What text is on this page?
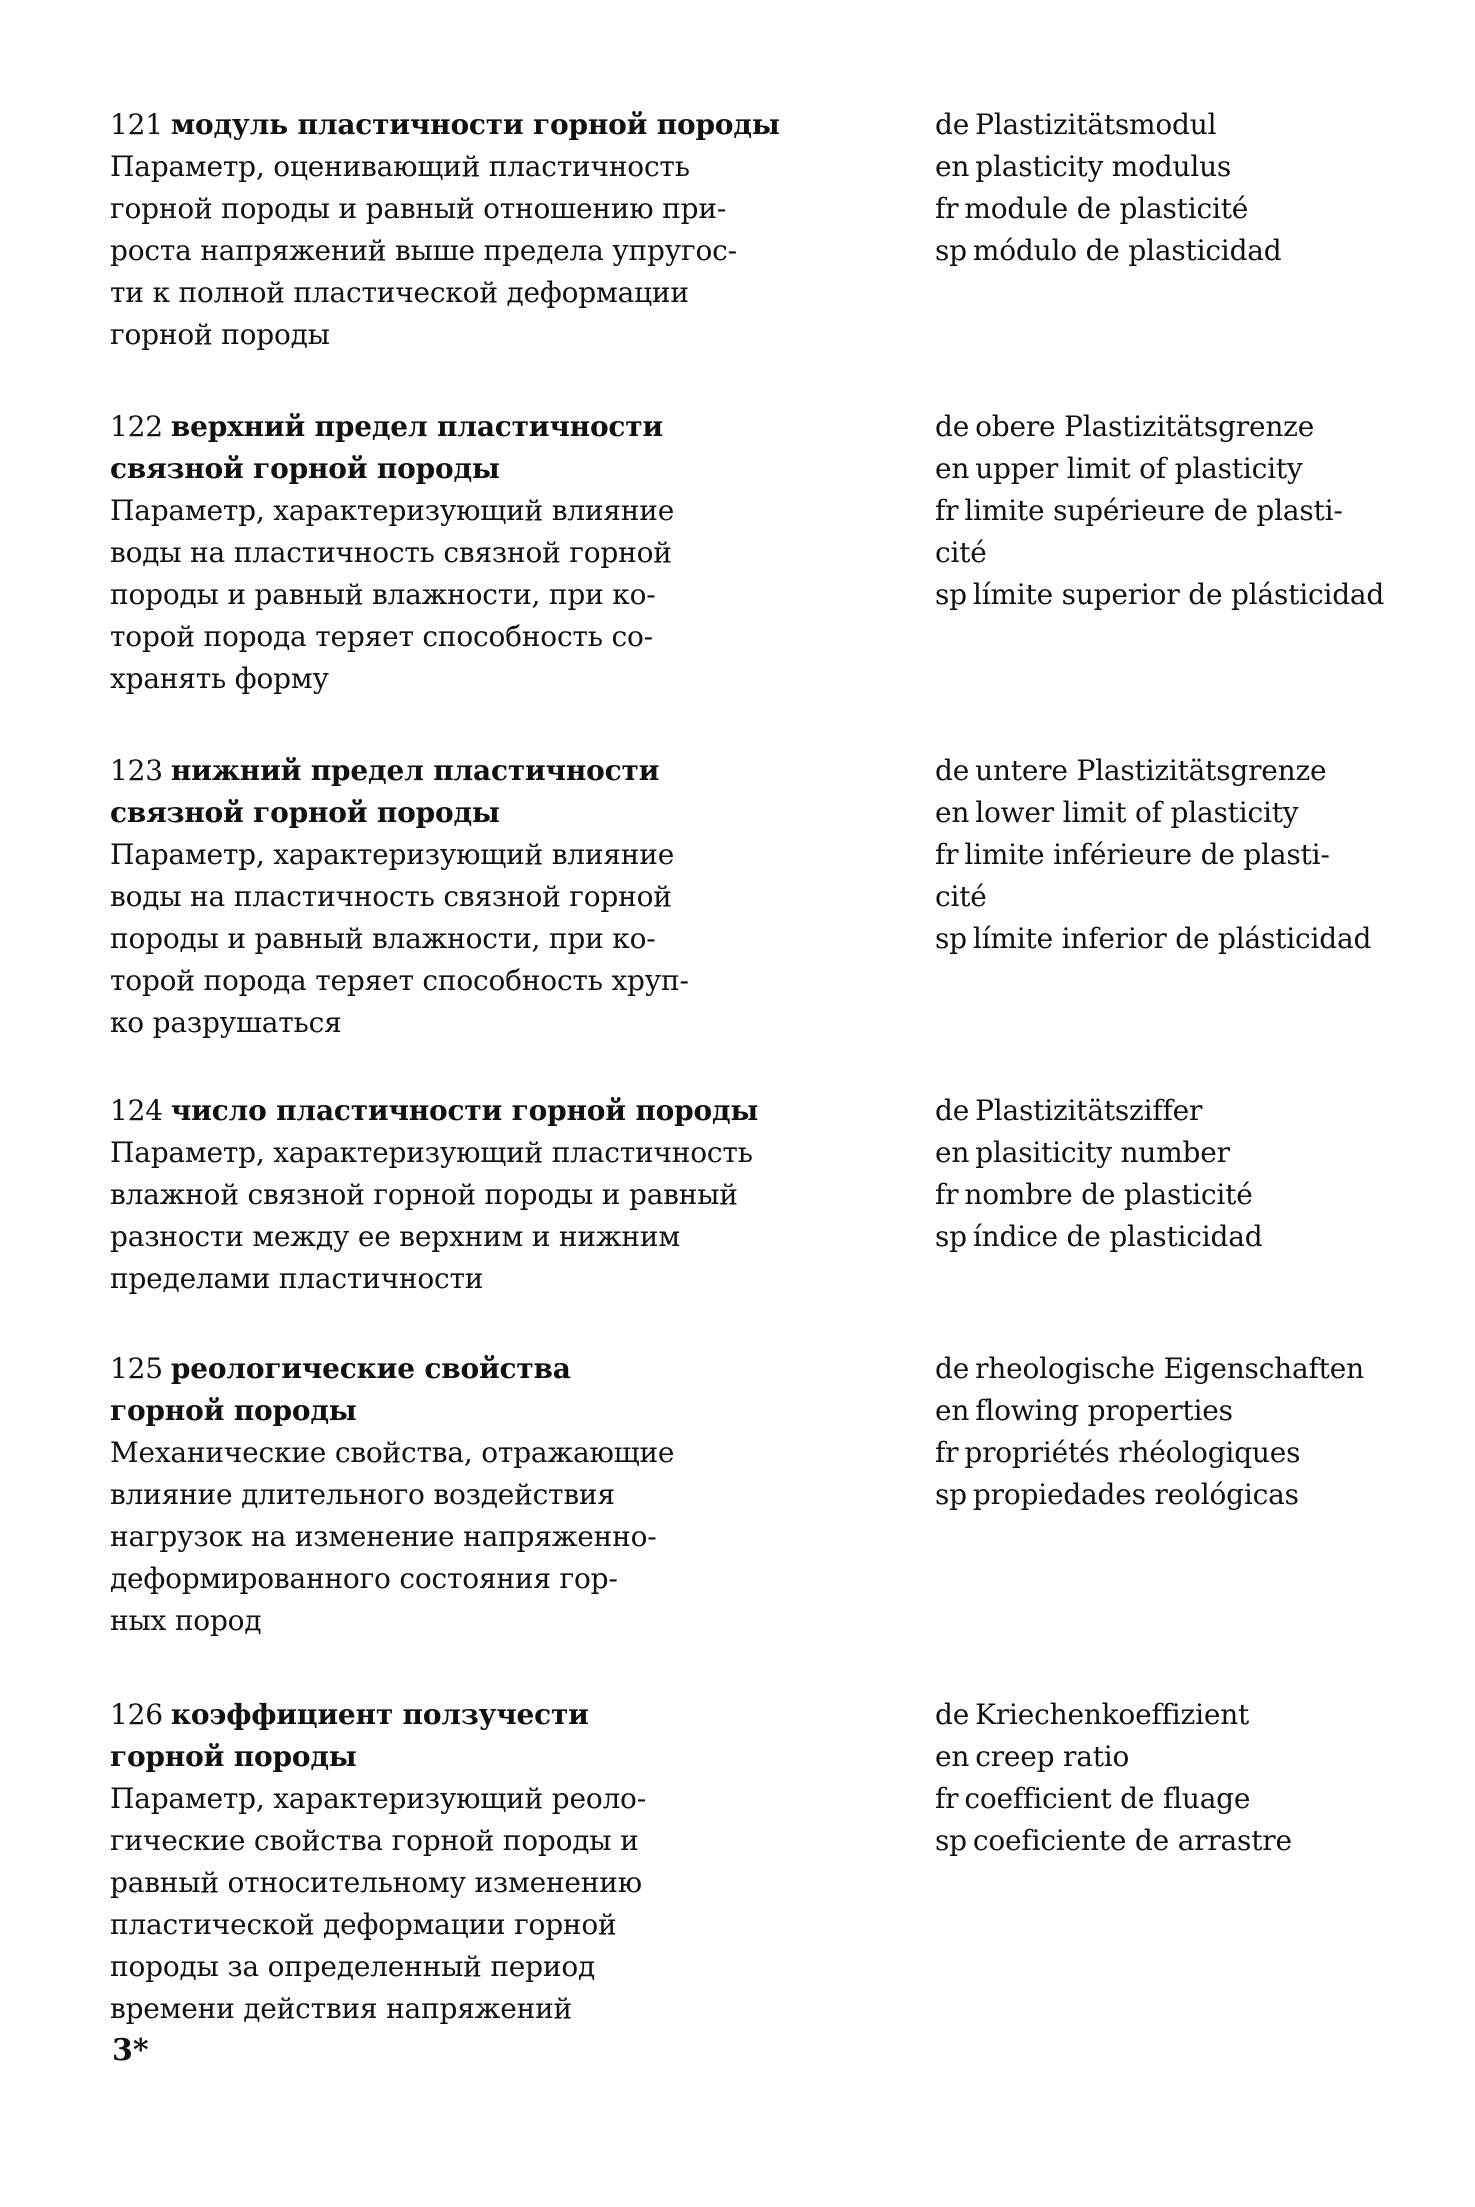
121 модуль пластичности горной породы
Параметр, оценивающий пластичность
горной породы и равный отношению при-
роста напряжений выше предела упругос-
ти к полной пластической деформации
горной породы
de Plastizitätsmodul
en plasticity modulus
fr module de plasticité
sp módulo de plasticidad
122 верхний предел пластичности
связной горной породы
Параметр, характеризующий влияние
воды на пластичность связной горной
породы и равный влажности, при ко-
торой порода теряет способность со-
хранять форму
de obere Plastizitätsgrenze
en upper limit of plasticity
fr limite supérieure de plasti-
cité
sp límite superior de plásticidad
123 нижний предел пластичности
связной горной породы
Параметр, характеризующий влияние
воды на пластичность связной горной
породы и равный влажности, при ко-
торой порода теряет способность хруп-
ко разрушаться
de untere Plastizitätsgrenze
en lower limit of plasticity
fr limite inférieure de plasti-
cité
sp límite inferior de plásticidad
124 число пластичности горной породы
Параметр, характеризующий пластичность
влажной связной горной породы и равный
разности между ее верхним и нижним
пределами пластичности
de Plastizitätsziffer
en plasiticity number
fr nombre de plasticité
sp índice de plasticidad
125 реологические свойства
горной породы
Механические свойства, отражающие
влияние длительного воздействия
нагрузок на изменение напряженно-
деформированного состояния гор-
ных пород
de rheologische Eigenschaften
en flowing properties
fr propriétés rhéologiques
sp propiedades reológicas
126 коэффициент ползучести
горной породы
Параметр, характеризующий реоло-
гические свойства горной породы и
равный относительному изменению
пластической деформации горной
породы за определенный период
времени действия напряжений
de Kriechenkoeffizient
en creep ratio
fr coefficient de fluage
sp coeficiente de arrastre
3*
